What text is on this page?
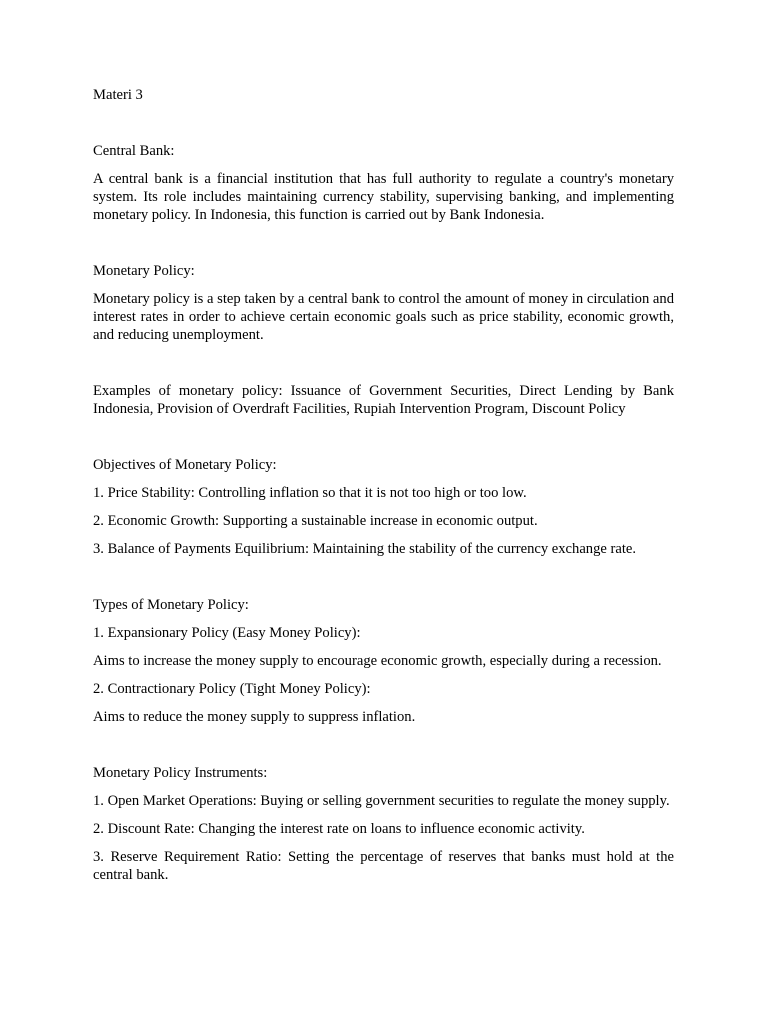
Materi 3

Central Bank:

A central bank is a financial institution that has full authority to regulate a country's monetary system. Its role includes maintaining currency stability, supervising banking, and implementing monetary policy. In Indonesia, this function is carried out by Bank Indonesia.

Monetary Policy:

Monetary policy is a step taken by a central bank to control the amount of money in circulation and interest rates in order to achieve certain economic goals such as price stability, economic growth, and reducing unemployment.

Examples of monetary policy: Issuance of Government Securities, Direct Lending by Bank Indonesia, Provision of Overdraft Facilities, Rupiah Intervention Program, Discount Policy

Objectives of Monetary Policy:

1. Price Stability: Controlling inflation so that it is not too high or too low.

2. Economic Growth: Supporting a sustainable increase in economic output.

3. Balance of Payments Equilibrium: Maintaining the stability of the currency exchange rate.

Types of Monetary Policy:

1. Expansionary Policy (Easy Money Policy):

Aims to increase the money supply to encourage economic growth, especially during a recession.

2. Contractionary Policy (Tight Money Policy):

Aims to reduce the money supply to suppress inflation.

Monetary Policy Instruments:

1. Open Market Operations: Buying or selling government securities to regulate the money supply.

2. Discount Rate: Changing the interest rate on loans to influence economic activity.

3. Reserve Requirement Ratio: Setting the percentage of reserves that banks must hold at the central bank.
